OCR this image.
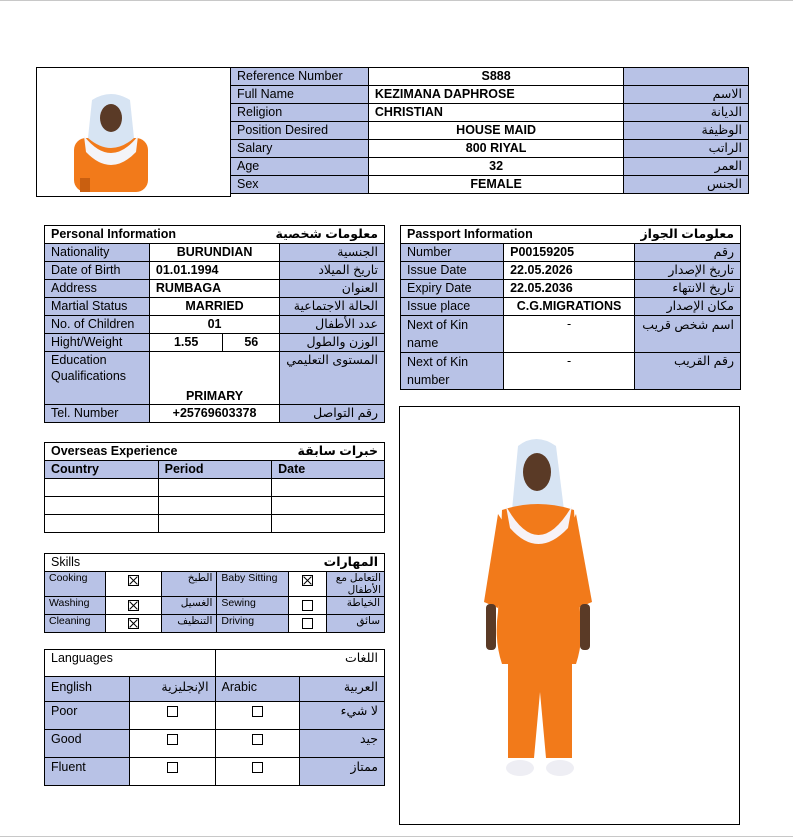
Reference Number	S888	
Full Name	KEZIMANA DAPHROSE	الاسم
Religion	CHRISTIAN	الديانة
Position Desired	HOUSE MAID	الوظيفة
Salary	800 RIYAL	الراتب
Age	32	العمر
Sex	FEMALE	الجنس
Personal Information		معلومات شخصية	
Nationality	BURUNDIAN		الجنسية
Date of Birth	01.01.1994		تاريخ الميلاد
Address	RUMBAGA		العنوان
Martial Status	MARRIED		الحالة الاجتماعية
No. of Children	01		عدد الأطفال
Hight/Weight	1.55	56	الوزن والطول
Education Qualifications	PRIMARY		المستوى التعليمي
Tel. Number	+25769603378		رقم التواصل
Passport Information		معلومات الجواز
Number	P00159205	رقم
Issue Date	22.05.2026	تاريخ الإصدار
Expiry Date	22.05.2036	تاريخ الانتهاء
Issue place	C.G.MIGRATIONS	مكان الإصدار
Next of Kin name	-	اسم شخص قريب
Next of Kin number	-	رقم القريب
Overseas Experience		خبرات سابقة
Country	Period	Date

Skills			المهارات		
Cooking		الطبخ	Baby Sitting		التعامل مع الأطفال
Washing		الغسيل	Sewing		الخياطة
Cleaning		التنظيف	Driving		سائق
Languages		اللغات	
English	الإنجليزية	Arabic	العربية
Poor			لا شيء
Good			جيد
Fluent			ممتاز
